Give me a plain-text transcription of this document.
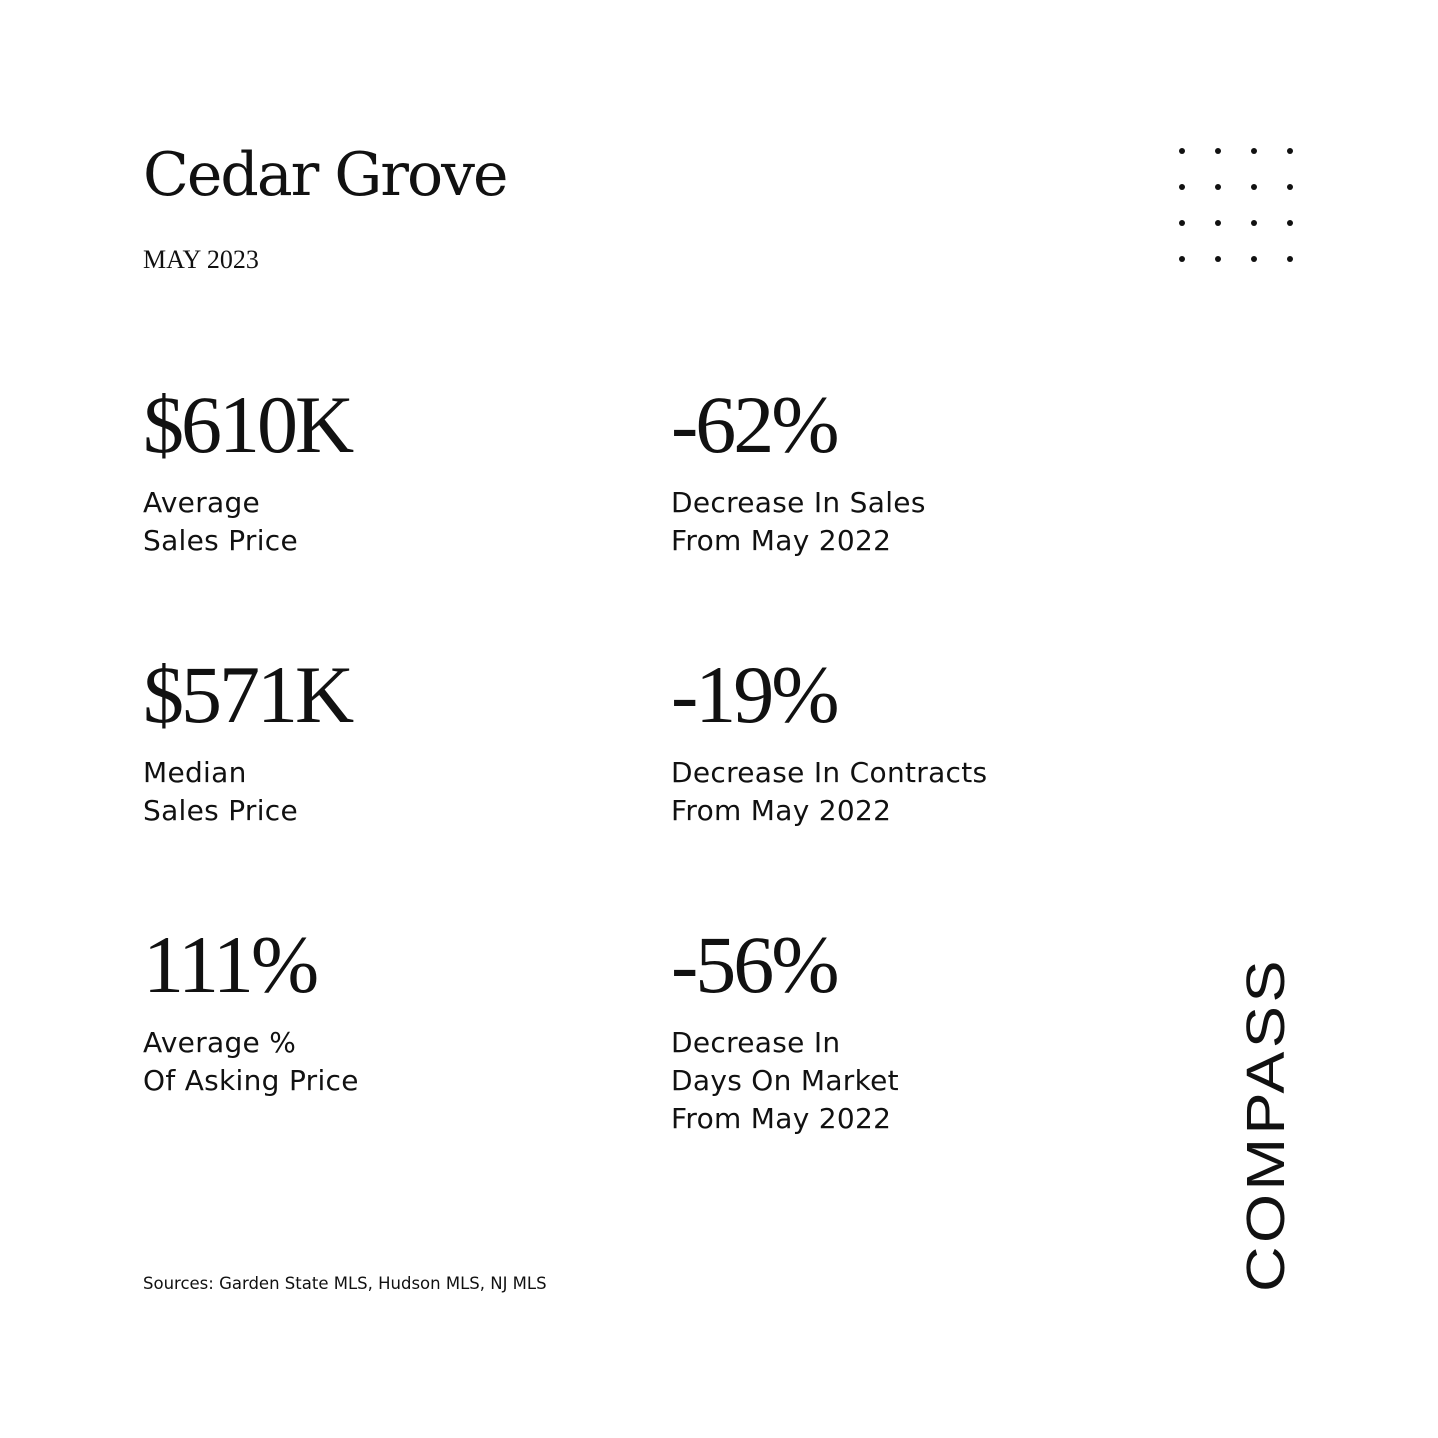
Cedar Grove
MAY 2023
$610K
Average
Sales Price
-62%
Decrease In Sales
From May 2022
$571K
Median
Sales Price
-19%
Decrease In Contracts
From May 2022
111%
Average %
Of Asking Price
-56%
Decrease In
Days On Market
From May 2022
Sources: Garden State MLS, Hudson MLS, NJ MLS	COMPASS
